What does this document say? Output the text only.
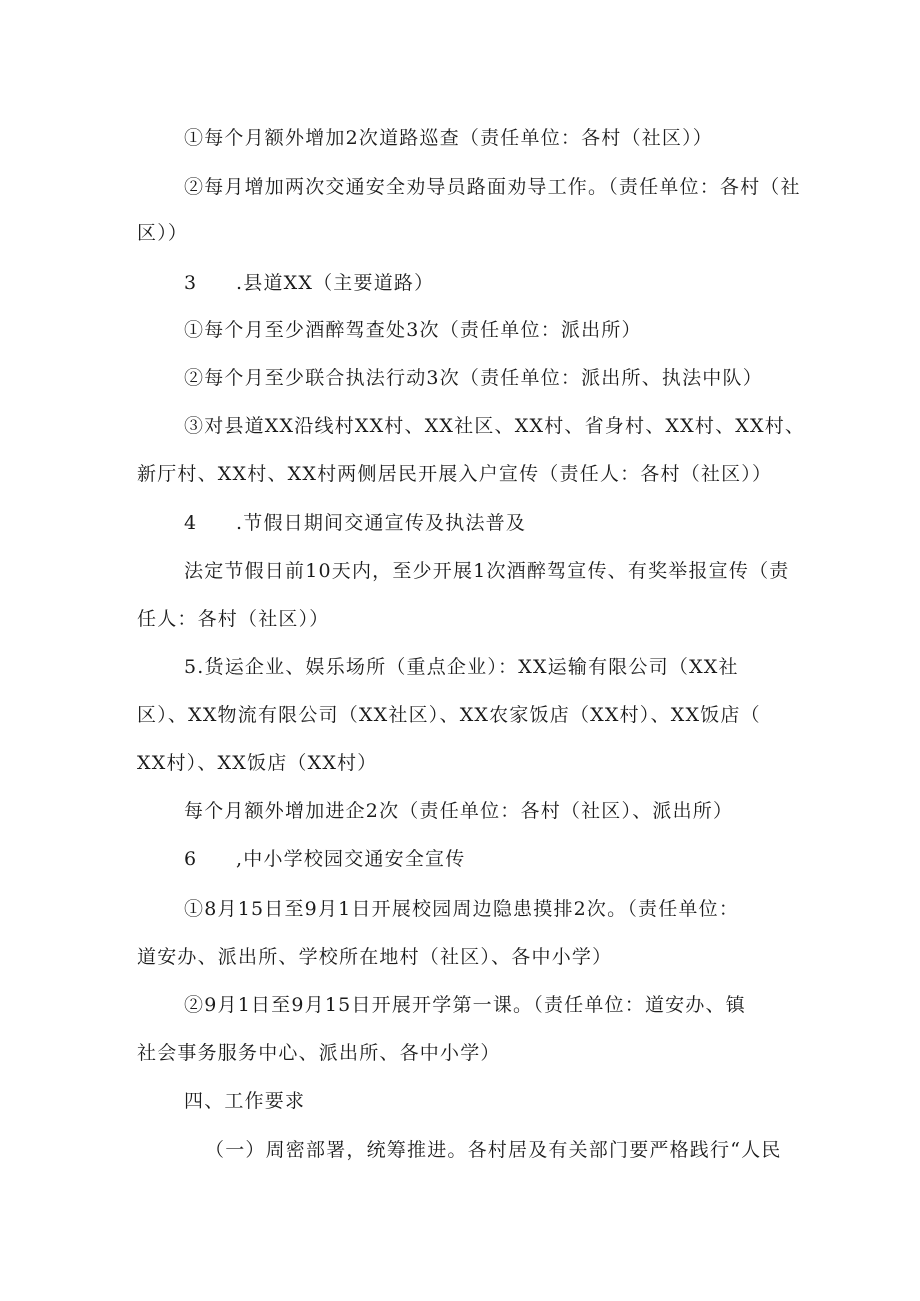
①每个月额外增加2次道路巡查（责任单位：各村（社区））
②每月增加两次交通安全劝导员路面劝导工作。（责任单位：各村（社
区））
3 .县道XX（主要道路）
①每个月至少酒醉驾查处3次（责任单位：派出所）
②每个月至少联合执法行动3次（责任单位：派出所、执法中队）
③对县道XX沿线村XX村、XX社区、XX村、省身村、XX村、XX村、
新厅村、XX村、XX村两侧居民开展入户宣传（责任人：各村（社区））
4 .节假日期间交通宣传及执法普及
法定节假日前10天内，至少开展1次酒醉驾宣传、有奖举报宣传（责
任人：各村（社区））
5.货运企业、娱乐场所（重点企业）：XX运输有限公司（XX社
区）、XX物流有限公司（XX社区）、XX农家饭店（XX村）、XX饭店（
XX村）、XX饭店（XX村）
每个月额外增加进企2次（责任单位：各村（社区）、派出所）
6 ,中小学校园交通安全宣传
①8月15日至9月1日开展校园周边隐患摸排2次。（责任单位：
道安办、派出所、学校所在地村（社区）、各中小学）
②9月1日至9月15日开展开学第一课。（责任单位：道安办、镇
社会事务服务中心、派出所、各中小学）
四、工作要求
（一）周密部署，统筹推进。各村居及有关部门要严格践行“人民
